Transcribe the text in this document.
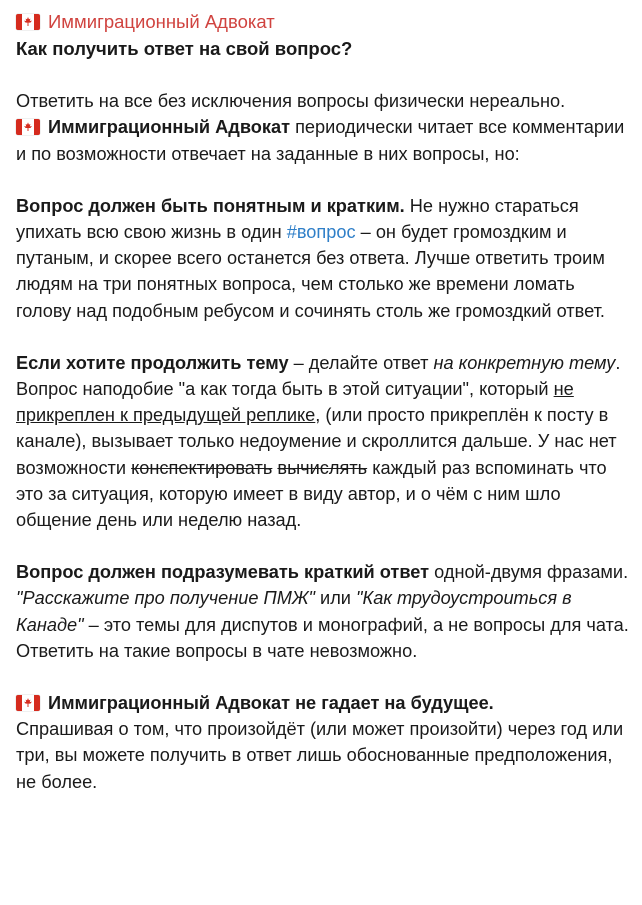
Иммиграционный Адвокат
Как получить ответ на свой вопрос?

Ответить на все без исключения вопросы физически нереально.
Иммиграционный Адвокат периодически читает все комментарии и по возможности отвечает на заданные в них вопросы, но:

Вопрос должен быть понятным и кратким. Не нужно стараться упихать всю свою жизнь в один #вопрос – он будет громоздким и путаным, и скорее всего останется без ответа. Лучше ответить троим людям на три понятных вопроса, чем столько же времени ломать голову над подобным ребусом и сочинять столь же громоздкий ответ.

Если хотите продолжить тему – делайте ответ на конкретную тему. Вопрос наподобие "а как тогда быть в этой ситуации", который не прикреплен к предыдущей реплике, (или просто прикреплён к посту в канале), вызывает только недоумение и скроллится дальше. У нас нет возможности конспектировать вычислять каждый раз вспоминать что это за ситуация, которую имеет в виду автор, и о чём с ним шло общение день или неделю назад.

Вопрос должен подразумевать краткий ответ одной-двумя фразами. "Расскажите про получение ПМЖ" или "Как трудоустроиться в Канаде" – это темы для диспутов и монографий, а не вопросы для чата. Ответить на такие вопросы в чате невозможно.

Иммиграционный Адвокат не гадает на будущее.
Спрашивая о том, что произойдёт (или может произойти) через год или три, вы можете получить в ответ лишь обоснованные предположения, не более.
